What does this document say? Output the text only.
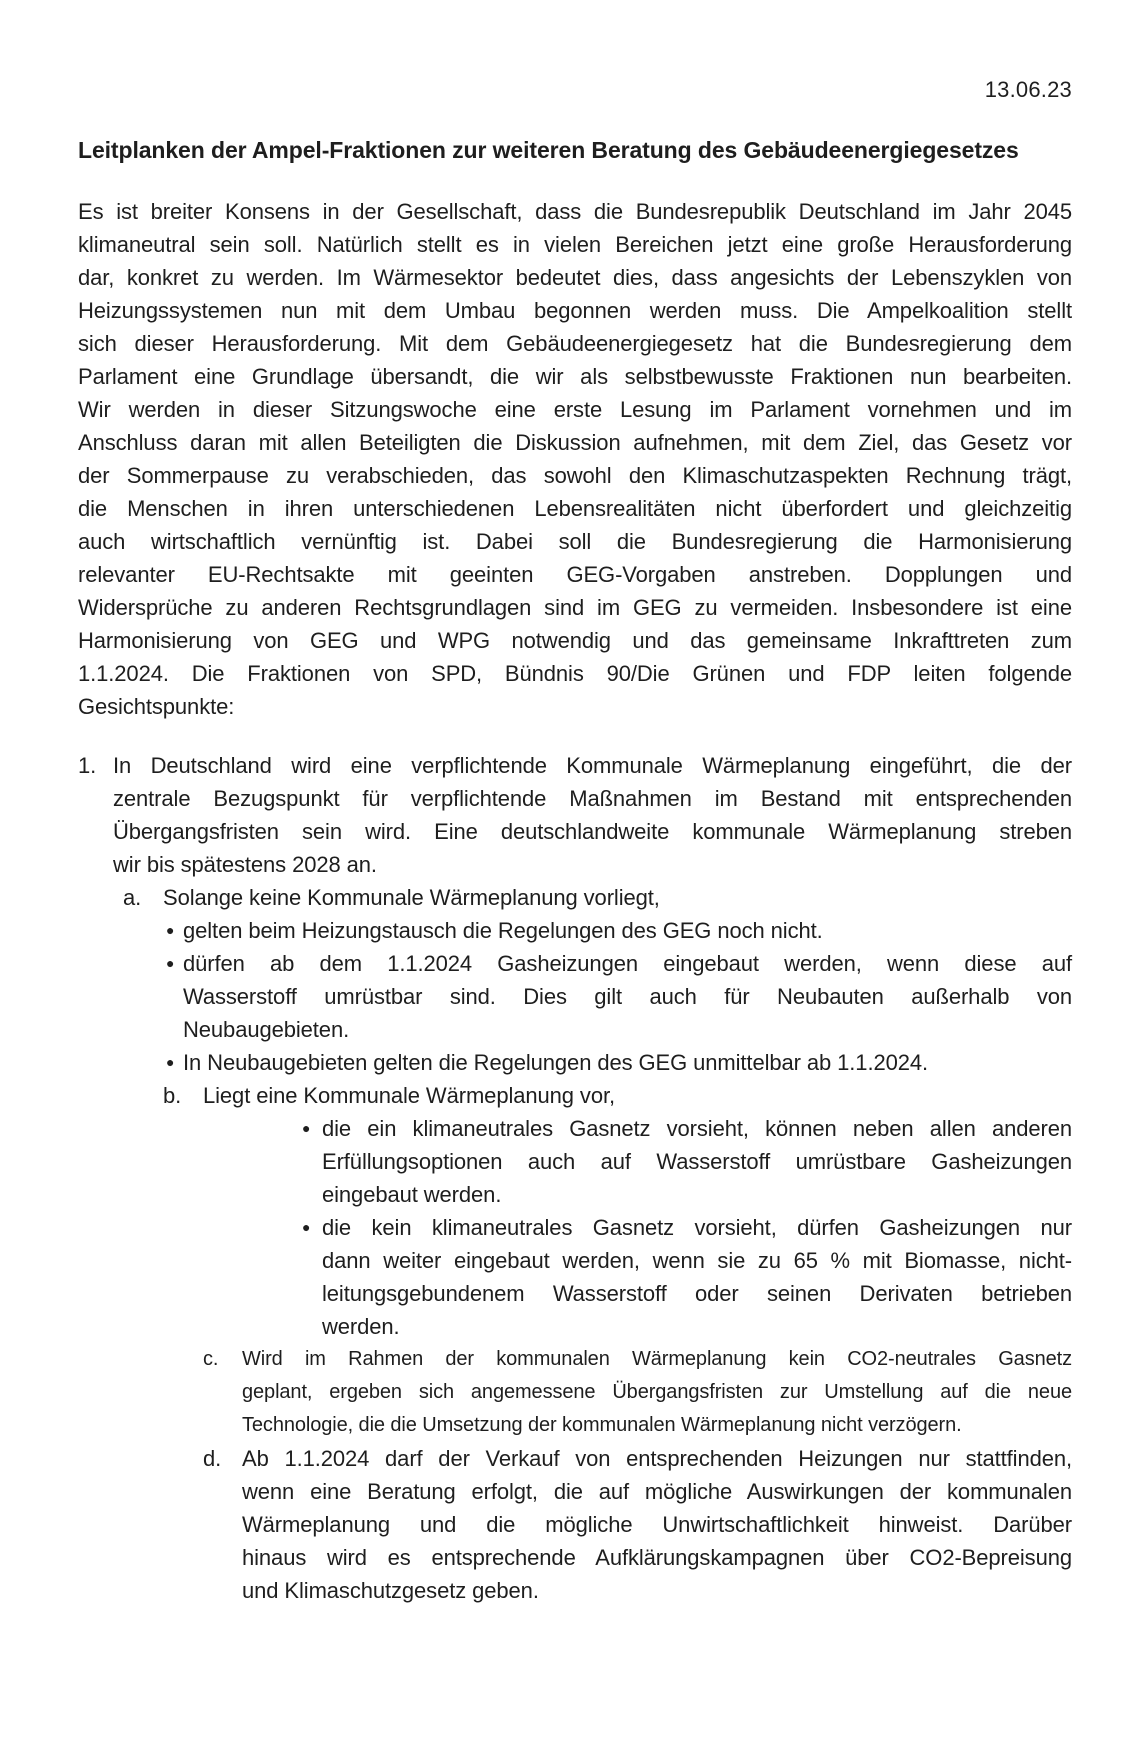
13.06.23
Leitplanken der Ampel-Fraktionen zur weiteren Beratung des Gebäudeenergiegesetzes
Es ist breiter Konsens in der Gesellschaft, dass die Bundesrepublik Deutschland im Jahr 2045
klimaneutral sein soll. Natürlich stellt es in vielen Bereichen jetzt eine große Herausforderung
dar, konkret zu werden. Im Wärmesektor bedeutet dies, dass angesichts der Lebenszyklen von
Heizungssystemen nun mit dem Umbau begonnen werden muss. Die Ampelkoalition stellt
sich dieser Herausforderung. Mit dem Gebäudeenergiegesetz hat die Bundesregierung dem
Parlament eine Grundlage übersandt, die wir als selbstbewusste Fraktionen nun bearbeiten.
Wir werden in dieser Sitzungswoche eine erste Lesung im Parlament vornehmen und im
Anschluss daran mit allen Beteiligten die Diskussion aufnehmen, mit dem Ziel, das Gesetz vor
der Sommerpause zu verabschieden, das sowohl den Klimaschutzaspekten Rechnung trägt,
die Menschen in ihren unterschiedenen Lebensrealitäten nicht überfordert und gleichzeitig
auch wirtschaftlich vernünftig ist. Dabei soll die Bundesregierung die Harmonisierung
relevanter EU-Rechtsakte mit geeinten GEG-Vorgaben anstreben. Dopplungen und
Widersprüche zu anderen Rechtsgrundlagen sind im GEG zu vermeiden. Insbesondere ist eine
Harmonisierung von GEG und WPG notwendig und das gemeinsame Inkrafttreten zum
1.1.2024. Die Fraktionen von SPD, Bündnis 90/Die Grünen und FDP leiten folgende
Gesichtspunkte:
1. In Deutschland wird eine verpflichtende Kommunale Wärmeplanung eingeführt, die der
zentrale Bezugspunkt für verpflichtende Maßnahmen im Bestand mit entsprechenden
Übergangsfristen sein wird. Eine deutschlandweite kommunale Wärmeplanung streben
wir bis spätestens 2028 an.
a. Solange keine Kommunale Wärmeplanung vorliegt,
● gelten beim Heizungstausch die Regelungen des GEG noch nicht.
● dürfen ab dem 1.1.2024 Gasheizungen eingebaut werden, wenn diese auf
Wasserstoff umrüstbar sind. Dies gilt auch für Neubauten außerhalb von
Neubaugebieten.
● In Neubaugebieten gelten die Regelungen des GEG unmittelbar ab 1.1.2024.
b. Liegt eine Kommunale Wärmeplanung vor,
● die ein klimaneutrales Gasnetz vorsieht, können neben allen anderen
Erfüllungsoptionen auch auf Wasserstoff umrüstbare Gasheizungen
eingebaut werden.
● die kein klimaneutrales Gasnetz vorsieht, dürfen Gasheizungen nur
dann weiter eingebaut werden, wenn sie zu 65 % mit Biomasse, nicht-
leitungsgebundenem Wasserstoff oder seinen Derivaten betrieben
werden.
c. Wird im Rahmen der kommunalen Wärmeplanung kein CO2-neutrales Gasnetz
geplant, ergeben sich angemessene Übergangsfristen zur Umstellung auf die neue
Technologie, die die Umsetzung der kommunalen Wärmeplanung nicht verzögern.
d. Ab 1.1.2024 darf der Verkauf von entsprechenden Heizungen nur stattfinden,
wenn eine Beratung erfolgt, die auf mögliche Auswirkungen der kommunalen
Wärmeplanung und die mögliche Unwirtschaftlichkeit hinweist. Darüber
hinaus wird es entsprechende Aufklärungskampagnen über CO2-Bepreisung
und Klimaschutzgesetz geben.
